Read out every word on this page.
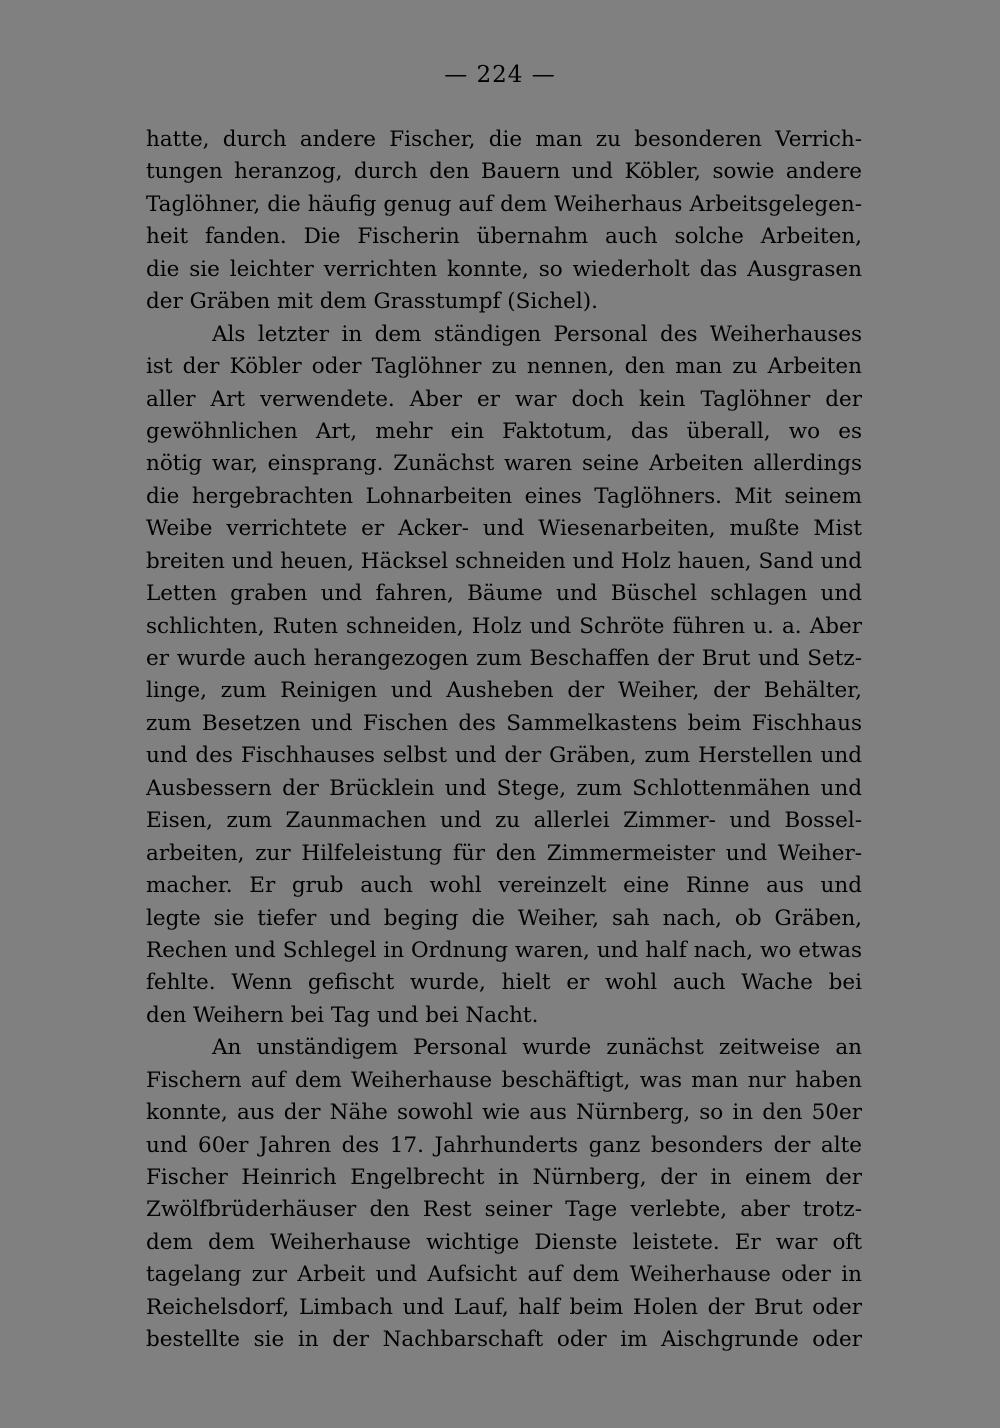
— 224 —
hatte, durch andere Fischer, die man zu besonderen Verrich-
tungen heranzog, durch den Bauern und Köbler, sowie andere
Taglöhner, die häufig genug auf dem Weiherhaus Arbeitsgelegen-
heit fanden. Die Fischerin übernahm auch solche Arbeiten,
die sie leichter verrichten konnte, so wiederholt das Ausgrasen
der Gräben mit dem Grasstumpf (Sichel).
Als letzter in dem ständigen Personal des Weiherhauses
ist der Köbler oder Taglöhner zu nennen, den man zu Arbeiten
aller Art verwendete. Aber er war doch kein Taglöhner der
gewöhnlichen Art, mehr ein Faktotum, das überall, wo es
nötig war, einsprang. Zunächst waren seine Arbeiten allerdings
die hergebrachten Lohnarbeiten eines Taglöhners. Mit seinem
Weibe verrichtete er Acker- und Wiesenarbeiten, mußte Mist
breiten und heuen, Häcksel schneiden und Holz hauen, Sand und
Letten graben und fahren, Bäume und Büschel schlagen und
schlichten, Ruten schneiden, Holz und Schröte führen u. a. Aber
er wurde auch herangezogen zum Beschaffen der Brut und Setz-
linge, zum Reinigen und Ausheben der Weiher, der Behälter,
zum Besetzen und Fischen des Sammelkastens beim Fischhaus
und des Fischhauses selbst und der Gräben, zum Herstellen und
Ausbessern der Brücklein und Stege, zum Schlottenmähen und
Eisen, zum Zaunmachen und zu allerlei Zimmer- und Bossel-
arbeiten, zur Hilfeleistung für den Zimmermeister und Weiher-
macher. Er grub auch wohl vereinzelt eine Rinne aus und
legte sie tiefer und beging die Weiher, sah nach, ob Gräben,
Rechen und Schlegel in Ordnung waren, und half nach, wo etwas
fehlte. Wenn gefischt wurde, hielt er wohl auch Wache bei
den Weihern bei Tag und bei Nacht.
An unständigem Personal wurde zunächst zeitweise an
Fischern auf dem Weiherhause beschäftigt, was man nur haben
konnte, aus der Nähe sowohl wie aus Nürnberg, so in den 50er
und 60er Jahren des 17. Jahrhunderts ganz besonders der alte
Fischer Heinrich Engelbrecht in Nürnberg, der in einem der
Zwölfbrüderhäuser den Rest seiner Tage verlebte, aber trotz-
dem dem Weiherhause wichtige Dienste leistete. Er war oft
tagelang zur Arbeit und Aufsicht auf dem Weiherhause oder in
Reichelsdorf, Limbach und Lauf, half beim Holen der Brut oder
bestellte sie in der Nachbarschaft oder im Aischgrunde oder
